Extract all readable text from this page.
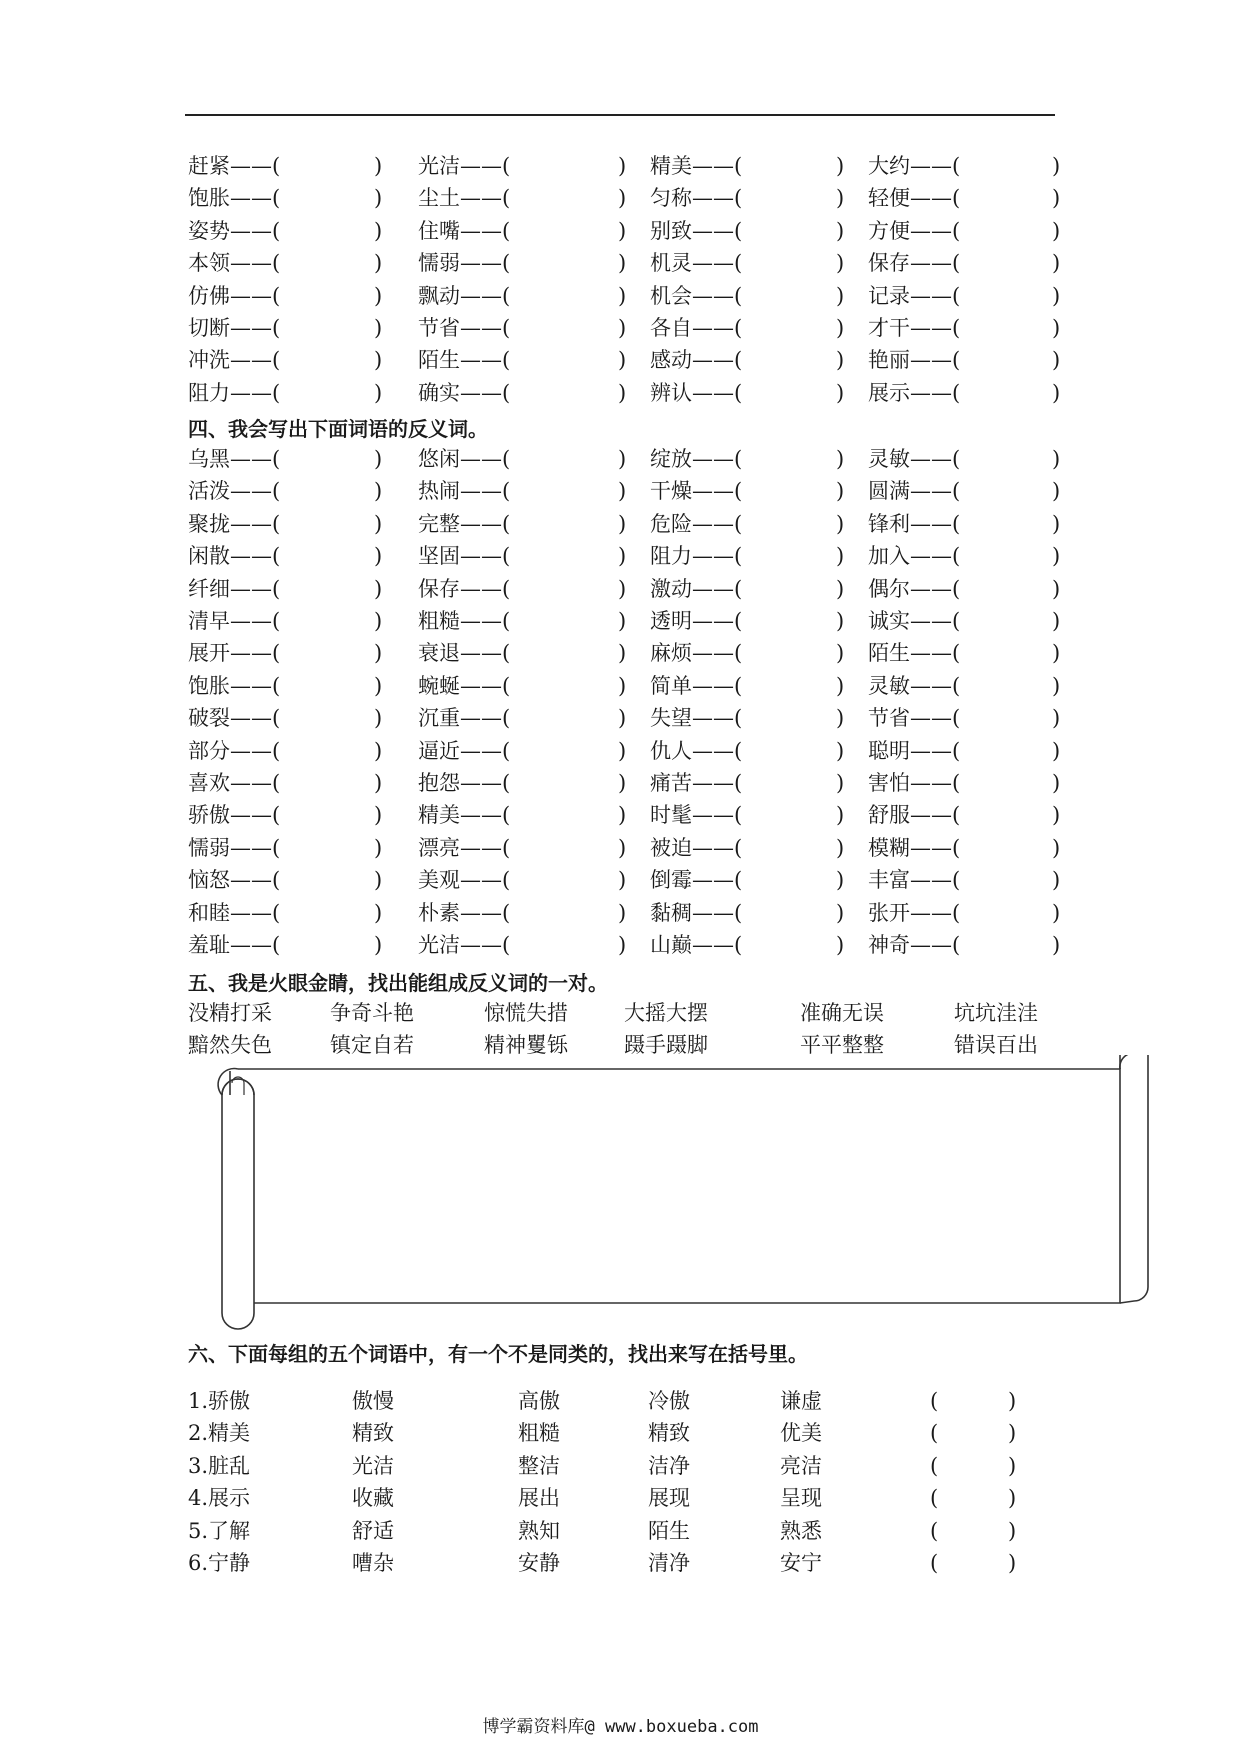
赶紧——(	) 光洁——(	) 精美——(	) 大约——(	)
饱胀——(	) 尘土——(	) 匀称——(	) 轻便——(	)
姿势——(	) 住嘴——(	) 别致——(	) 方便——(	)
本领——(	) 懦弱——(	) 机灵——(	) 保存——(	)
仿佛——(	) 飘动——(	) 机会——(	) 记录——(	)
切断——(	) 节省——(	) 各自——(	) 才干——(	)
冲洗——(	) 陌生——(	) 感动——(	) 艳丽——(	)
阻力——(	) 确实——(	) 辨认——(	) 展示——(	)
四、我会写出下面词语的反义词。
乌黑——(	) 悠闲——(	) 绽放——(	) 灵敏——(	)
活泼——(	) 热闹——(	) 干燥——(	) 圆满——(	)
聚拢——(	) 完整——(	) 危险——(	) 锋利——(	)
闲散——(	) 坚固——(	) 阻力——(	) 加入——(	)
纤细——(	) 保存——(	) 激动——(	) 偶尔——(	)
清早——(	) 粗糙——(	) 透明——(	) 诚实——(	)
展开——(	) 衰退——(	) 麻烦——(	) 陌生——(	)
饱胀——(	) 蜿蜒——(	) 简单——(	) 灵敏——(	)
破裂——(	) 沉重——(	) 失望——(	) 节省——(	)
部分——(	) 逼近——(	) 仇人——(	) 聪明——(	)
喜欢——(	) 抱怨——(	) 痛苦——(	) 害怕——(	)
骄傲——(	) 精美——(	) 时髦——(	) 舒服——(	)
懦弱——(	) 漂亮——(	) 被迫——(	) 模糊——(	)
恼怒——(	) 美观——(	) 倒霉——(	) 丰富——(	)
和睦——(	) 朴素——(	) 黏稠——(	) 张开——(	)
羞耻——(	) 光洁——(	) 山巅——(	) 神奇——(	)
五、我是火眼金睛，找出能组成反义词的一对。
没精打采	争奇斗艳	惊慌失措	大摇大摆	准确无误	坑坑洼洼
黯然失色	镇定自若	精神矍铄	蹑手蹑脚	平平整整	错误百出
六、下面每组的五个词语中，有一个不是同类的，找出来写在括号里。
1.骄傲	傲慢	高傲	冷傲	谦虚	(	)
2.精美	精致	粗糙	精致	优美	(	)
3.脏乱	光洁	整洁	洁净	亮洁	(	)
4.展示	收藏	展出	展现	呈现	(	)
5.了解	舒适	熟知	陌生	熟悉	(	)
6.宁静	嘈杂	安静	清净	安宁	(	)
博学霸资料库@ www.boxueba.com
